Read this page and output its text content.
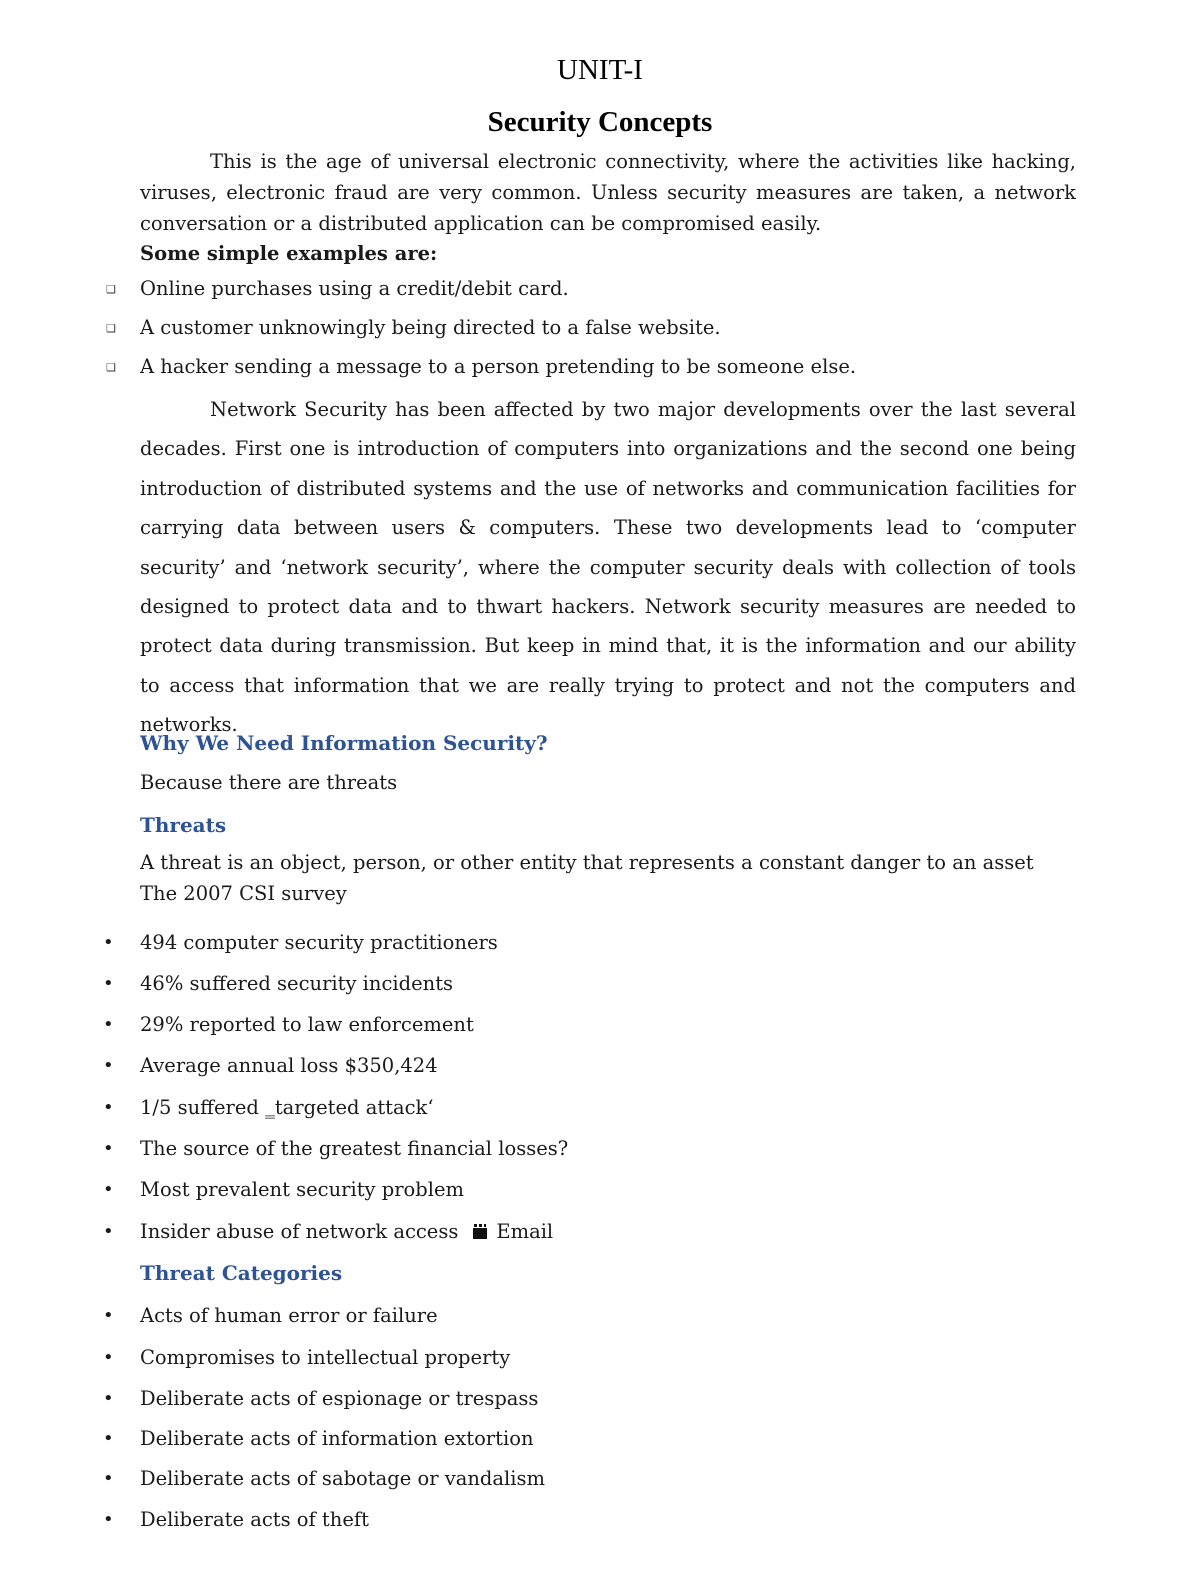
UNIT-I
Security Concepts
This is the age of universal electronic connectivity, where the activities like hacking, viruses, electronic fraud are very common. Unless security measures are taken, a network conversation or a distributed application can be compromised easily.
Some simple examples are:
❑
Online purchases using a credit/debit card.
❑
A customer unknowingly being directed to a false website.
❑
A hacker sending a message to a person pretending to be someone else.
Network Security has been affected by two major developments over the last several decades. First one is introduction of computers into organizations and the second one being introduction of distributed systems and the use of networks and communication facilities for carrying data between users & computers. These two developments lead to ‘computer security’ and ‘network security’, where the computer security deals with collection of tools designed to protect data and to thwart hackers. Network security measures are needed to protect data during transmission. But keep in mind that, it is the information and our ability to access that information that we are really trying to protect and not the computers and networks.
Why We Need Information Security?
Because there are threats
Threats
A threat is an object, person, or other entity that represents a constant danger to an asset
The 2007 CSI survey
•
494 computer security practitioners
•
46% suffered security incidents
•
29% reported to law enforcement
•
Average annual loss $350,424
•
1/5 suffered ‗targeted attack‘
•
The source of the greatest financial losses?
•
Most prevalent security problem
•
Insider abuse of network access Email
Threat Categories
•
Acts of human error or failure
•
Compromises to intellectual property
•
Deliberate acts of espionage or trespass
•
Deliberate acts of information extortion
•
Deliberate acts of sabotage or vandalism
•
Deliberate acts of theft
